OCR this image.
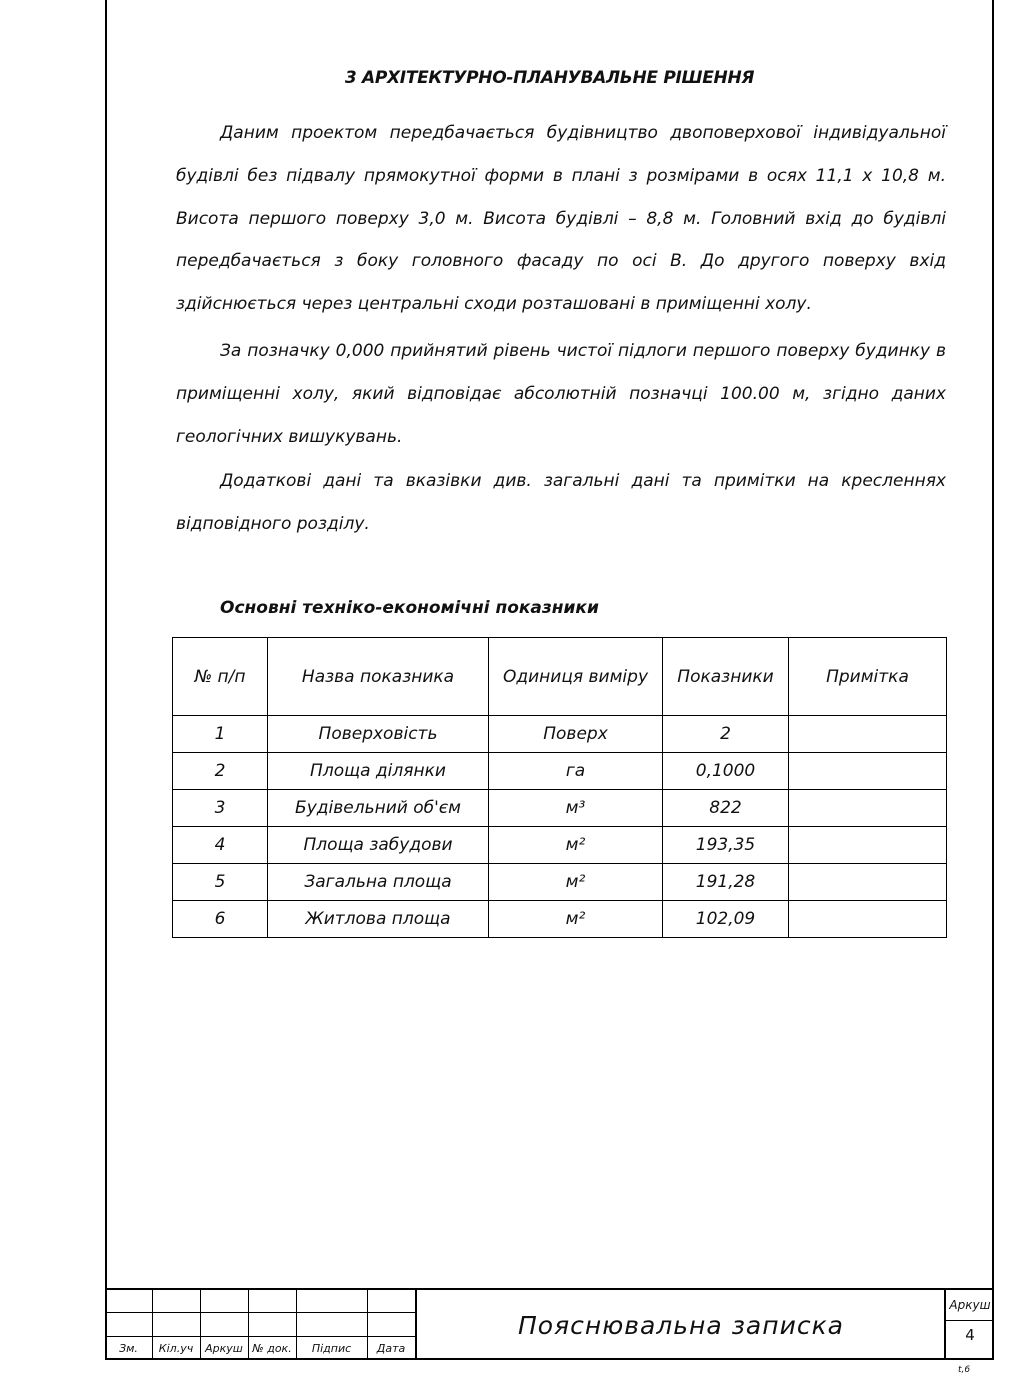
3 АРХІТЕКТУРНО-ПЛАНУВАЛЬНЕ РІШЕННЯ

Даним проектом передбачається будівництво двоповерхової індивідуальної будівлі без підвалу прямокутної форми в плані з розмірами в осях 11,1 х 10,8 м. Висота першого поверху 3,0 м. Висота будівлі – 8,8 м. Головний вхід до будівлі передбачається з боку головного фасаду по осі В. До другого поверху вхід здійснюється через центральні сходи розташовані в приміщенні холу.

За позначку 0,000 прийнятий рівень чистої підлоги першого поверху будинку в приміщенні холу, який відповідає абсолютній позначці 100.00 м, згідно даних геологічних вишукувань.

Додаткові дані та вказівки див. загальні дані та примітки на кресленнях відповідного розділу.

Основні техніко-економічні показники
№ п/п	Назва показника	Одиниця виміру	Показники	Примітка
1	Поверховість	Поверх	2	
2	Площа ділянки	га	0,1000	
3	Будівельний об'єм	м³	822	
4	Площа забудови	м²	193,35	
5	Загальна площа	м²	191,28	
6	Житлова площа	м²	102,09	
Зм.	Кіл.уч	Аркуш № док.	Підпис	Дата
Пояснювальна записка
Аркуш
4
t,6
